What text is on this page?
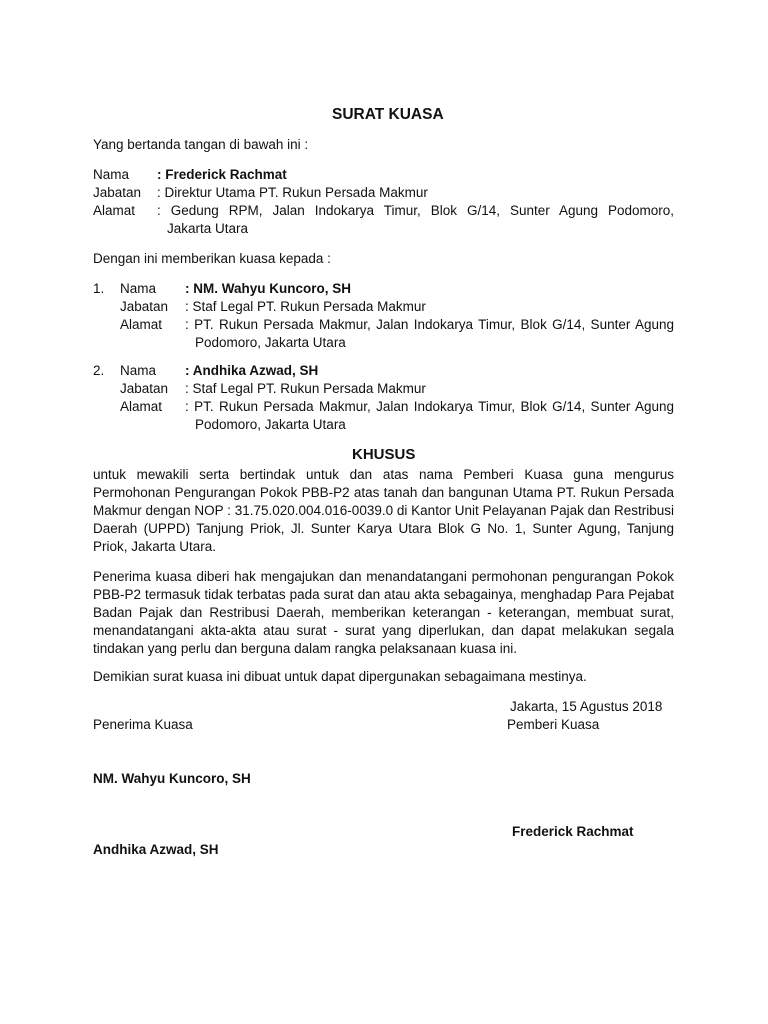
SURAT KUASA
Yang bertanda tangan di bawah ini :
Nama : Frederick Rachmat
Jabatan : Direktur Utama PT. Rukun Persada Makmur
Alamat : Gedung RPM, Jalan Indokarya Timur, Blok G/14, Sunter Agung Podomoro,
Jakarta Utara
Dengan ini memberikan kuasa kepada :
1. Nama : NM. Wahyu Kuncoro, SH
Jabatan : Staf Legal PT. Rukun Persada Makmur
Alamat : PT. Rukun Persada Makmur, Jalan Indokarya Timur, Blok G/14, Sunter Agung
Podomoro, Jakarta Utara
2. Nama : Andhika Azwad, SH
Jabatan : Staf Legal PT. Rukun Persada Makmur
Alamat : PT. Rukun Persada Makmur, Jalan Indokarya Timur, Blok G/14, Sunter Agung
Podomoro, Jakarta Utara
KHUSUS
untuk mewakili serta bertindak untuk dan atas nama Pemberi Kuasa guna mengurus Permohonan Pengurangan Pokok PBB-P2 atas tanah dan bangunan Utama PT. Rukun Persada Makmur dengan NOP : 31.75.020.004.016-0039.0 di Kantor Unit Pelayanan Pajak dan Restribusi Daerah (UPPD) Tanjung Priok, Jl. Sunter Karya Utara Blok G No. 1, Sunter Agung, Tanjung Priok, Jakarta Utara.
Penerima kuasa diberi hak mengajukan dan menandatangani permohonan pengurangan Pokok PBB-P2 termasuk tidak terbatas pada surat dan atau akta sebagainya, menghadap Para Pejabat Badan Pajak dan Restribusi Daerah, memberikan keterangan - keterangan, membuat surat, menandatangani akta-akta atau surat - surat yang diperlukan, dan dapat melakukan segala tindakan yang perlu dan berguna dalam rangka pelaksanaan kuasa ini.
Demikian surat kuasa ini dibuat untuk dapat dipergunakan sebagaimana mestinya.
Jakarta, 15 Agustus 2018
Penerima Kuasa	Pemberi Kuasa
NM. Wahyu Kuncoro, SH
Frederick Rachmat
Andhika Azwad, SH
